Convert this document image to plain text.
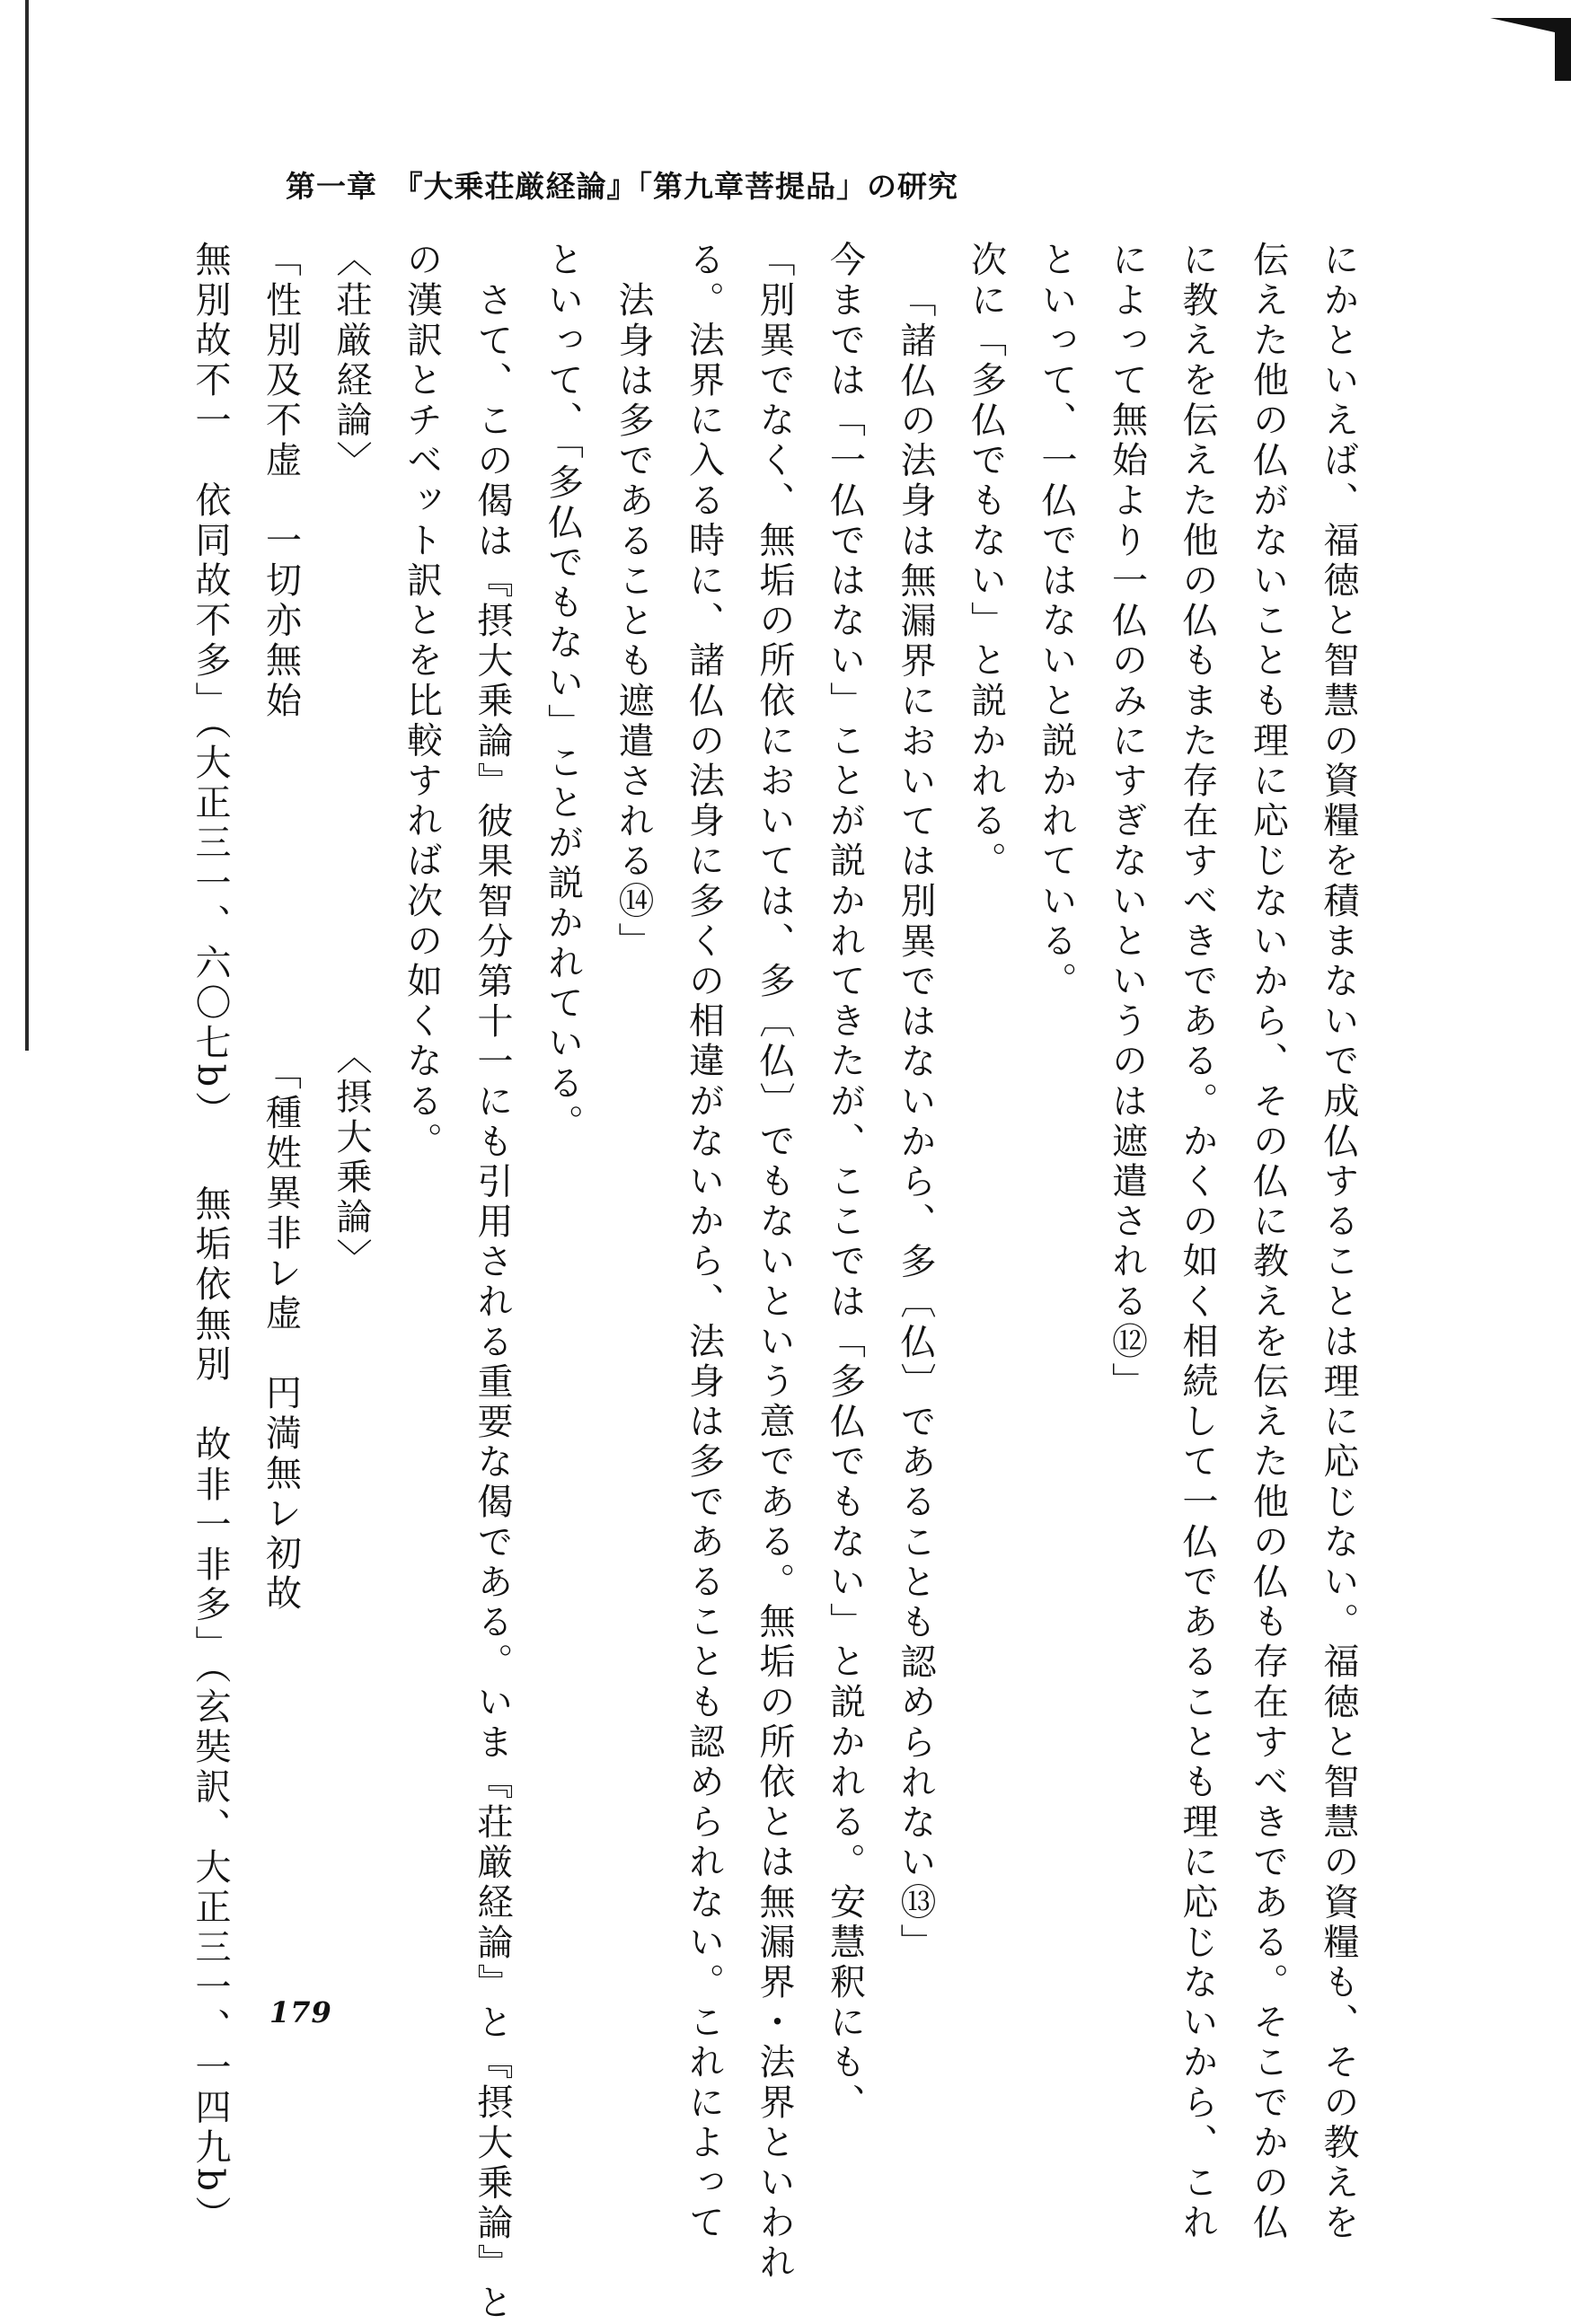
第一章　『大乗荘厳経論』「第九章菩提品」の研究
にかといえば、福徳と智慧の資糧を積まないで成仏することは理に応じない。福徳と智慧の資糧も、その教えを
伝えた他の仏がないことも理に応じないから、その仏に教えを伝えた他の仏も存在すべきである。そこでかの仏
に教えを伝えた他の仏もまた存在すべきである。かくの如く相続して一仏であることも理に応じないから、これ
によって無始より一仏のみにすぎないというのは遮遣される⑫」
といって、一仏ではないと説かれている。
次に「多仏でもない」と説かれる。
「諸仏の法身は無漏界においては別異ではないから、多〔仏〕であることも認められない⑬」
今までは「一仏ではない」ことが説かれてきたが、ここでは「多仏でもない」と説かれる。安慧釈にも、
「別異でなく、無垢の所依においては、多〔仏〕でもないという意である。無垢の所依とは無漏界・法界といわれ
る。法界に入る時に、諸仏の法身に多くの相違がないから、法身は多であることも認められない。これによって
法身は多であることも遮遣される⑭」
といって、「多仏でもない」ことが説かれている。
さて、この偈は『摂大乗論』彼果智分第十一にも引用される重要な偈である。いま『荘厳経論』と『摂大乗論』と
の漢訳とチベット訳とを比較すれば次の如くなる。
〈荘厳経論〉〈摂大乗論〉
「性別及不虚　一切亦無始「種姓異非レ虚　円満無レ初故
無別故不一　依同故不多」（大正三一、六〇七b）無垢依無別　故非一非多」（玄奘訳、大正三一、一四九b）	179
